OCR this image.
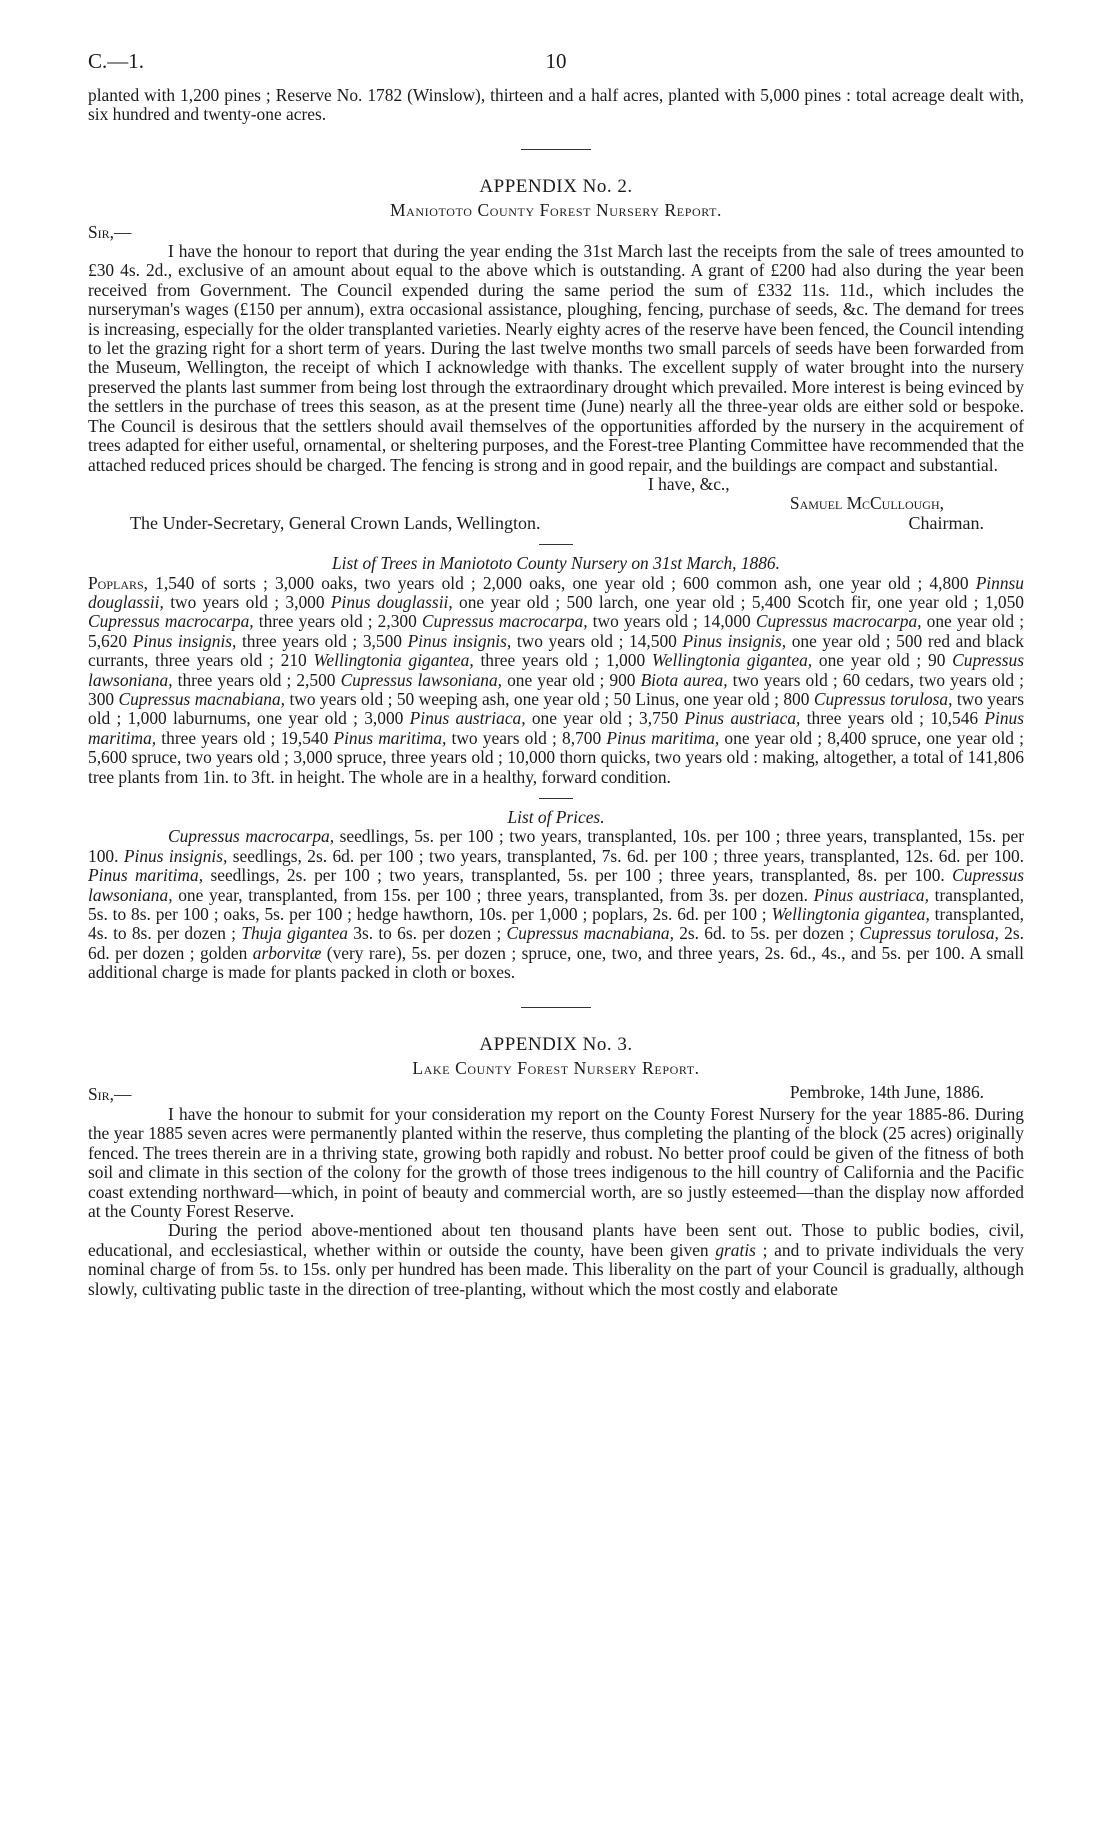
C.—1.	10

planted with 1,200 pines ; Reserve No. 1782 (Winslow), thirteen and a half acres, planted with 5,000 pines : total acreage dealt with, six hundred and twenty-one acres.

APPENDIX No. 2.
Maniototo County Forest Nursery Report.
Sir,—

I have the honour to report that during the year ending the 31st March last the receipts from the sale of trees amounted to £30 4s. 2d., exclusive of an amount about equal to the above which is outstanding. A grant of £200 had also during the year been received from Government. The Council expended during the same period the sum of £332 11s. 11d., which includes the nurseryman's wages (£150 per annum), extra occasional assistance, ploughing, fencing, purchase of seeds, &c. The demand for trees is increasing, especially for the older transplanted varieties. Nearly eighty acres of the reserve have been fenced, the Council intending to let the grazing right for a short term of years. During the last twelve months two small parcels of seeds have been forwarded from the Museum, Wellington, the receipt of which I acknowledge with thanks. The excellent supply of water brought into the nursery preserved the plants last summer from being lost through the extraordinary drought which prevailed. More interest is being evinced by the settlers in the purchase of trees this season, as at the present time (June) nearly all the three-year olds are either sold or bespoke. The Council is desirous that the settlers should avail themselves of the opportunities afforded by the nursery in the acquirement of trees adapted for either useful, ornamental, or sheltering purposes, and the Forest-tree Planting Committee have recommended that the attached reduced prices should be charged. The fencing is strong and in good repair, and the buildings are compact and substantial.

I have, &c.,
Samuel McCullough,
The Under-Secretary, General Crown Lands, Wellington.	Chairman.
List of Trees in Maniototo County Nursery on 31st March, 1886.

Poplars, 1,540 of sorts ; 3,000 oaks, two years old ; 2,000 oaks, one year old ; 600 common ash, one year old ; 4,800 Pinnsu douglassii, two years old ; 3,000 Pinus douglassii, one year old ; 500 larch, one year old ; 5,400 Scotch fir, one year old ; 1,050 Cupressus macrocarpa, three years old ; 2,300 Cupressus macrocarpa, two years old ; 14,000 Cupressus macrocarpa, one year old ; 5,620 Pinus insignis, three years old ; 3,500 Pinus insignis, two years old ; 14,500 Pinus insignis, one year old ; 500 red and black currants, three years old ; 210 Wellingtonia gigantea, three years old ; 1,000 Wellingtonia gigantea, one year old ; 90 Cupressus lawsoniana, three years old ; 2,500 Cupressus lawsoniana, one year old ; 900 Biota aurea, two years old ; 60 cedars, two years old ; 300 Cupressus macnabiana, two years old ; 50 weeping ash, one year old ; 50 Linus, one year old ; 800 Cupressus torulosa, two years old ; 1,000 laburnums, one year old ; 3,000 Pinus austriaca, one year old ; 3,750 Pinus austriaca, three years old ; 10,546 Pinus maritima, three years old ; 19,540 Pinus maritima, two years old ; 8,700 Pinus maritima, one year old ; 8,400 spruce, one year old ; 5,600 spruce, two years old ; 3,000 spruce, three years old ; 10,000 thorn quicks, two years old : making, altogether, a total of 141,806 tree plants from 1in. to 3ft. in height. The whole are in a healthy, forward condition.

List of Prices.

Cupressus macrocarpa, seedlings, 5s. per 100 ; two years, transplanted, 10s. per 100 ; three years, transplanted, 15s. per 100. Pinus insignis, seedlings, 2s. 6d. per 100 ; two years, transplanted, 7s. 6d. per 100 ; three years, transplanted, 12s. 6d. per 100. Pinus maritima, seedlings, 2s. per 100 ; two years, transplanted, 5s. per 100 ; three years, transplanted, 8s. per 100. Cupressus lawsoniana, one year, transplanted, from 15s. per 100 ; three years, transplanted, from 3s. per dozen. Pinus austriaca, transplanted, 5s. to 8s. per 100 ; oaks, 5s. per 100 ; hedge hawthorn, 10s. per 1,000 ; poplars, 2s. 6d. per 100 ; Wellingtonia gigantea, transplanted, 4s. to 8s. per dozen ; Thuja gigantea 3s. to 6s. per dozen ; Cupressus macnabiana, 2s. 6d. to 5s. per dozen ; Cupressus torulosa, 2s. 6d. per dozen ; golden arborvitæ (very rare), 5s. per dozen ; spruce, one, two, and three years, 2s. 6d., 4s., and 5s. per 100. A small additional charge is made for plants packed in cloth or boxes.

APPENDIX No. 3.
Lake County Forest Nursery Report.
Sir,—	Pembroke, 14th June, 1886.

I have the honour to submit for your consideration my report on the County Forest Nursery for the year 1885-86. During the year 1885 seven acres were permanently planted within the reserve, thus completing the planting of the block (25 acres) originally fenced. The trees therein are in a thriving state, growing both rapidly and robust. No better proof could be given of the fitness of both soil and climate in this section of the colony for the growth of those trees indigenous to the hill country of California and the Pacific coast extending northward—which, in point of beauty and commercial worth, are so justly esteemed—than the display now afforded at the County Forest Reserve.

During the period above-mentioned about ten thousand plants have been sent out. Those to public bodies, civil, educational, and ecclesiastical, whether within or outside the county, have been given gratis ; and to private individuals the very nominal charge of from 5s. to 15s. only per hundred has been made. This liberality on the part of your Council is gradually, although slowly, cultivating public taste in the direction of tree-planting, without which the most costly and elaborate
